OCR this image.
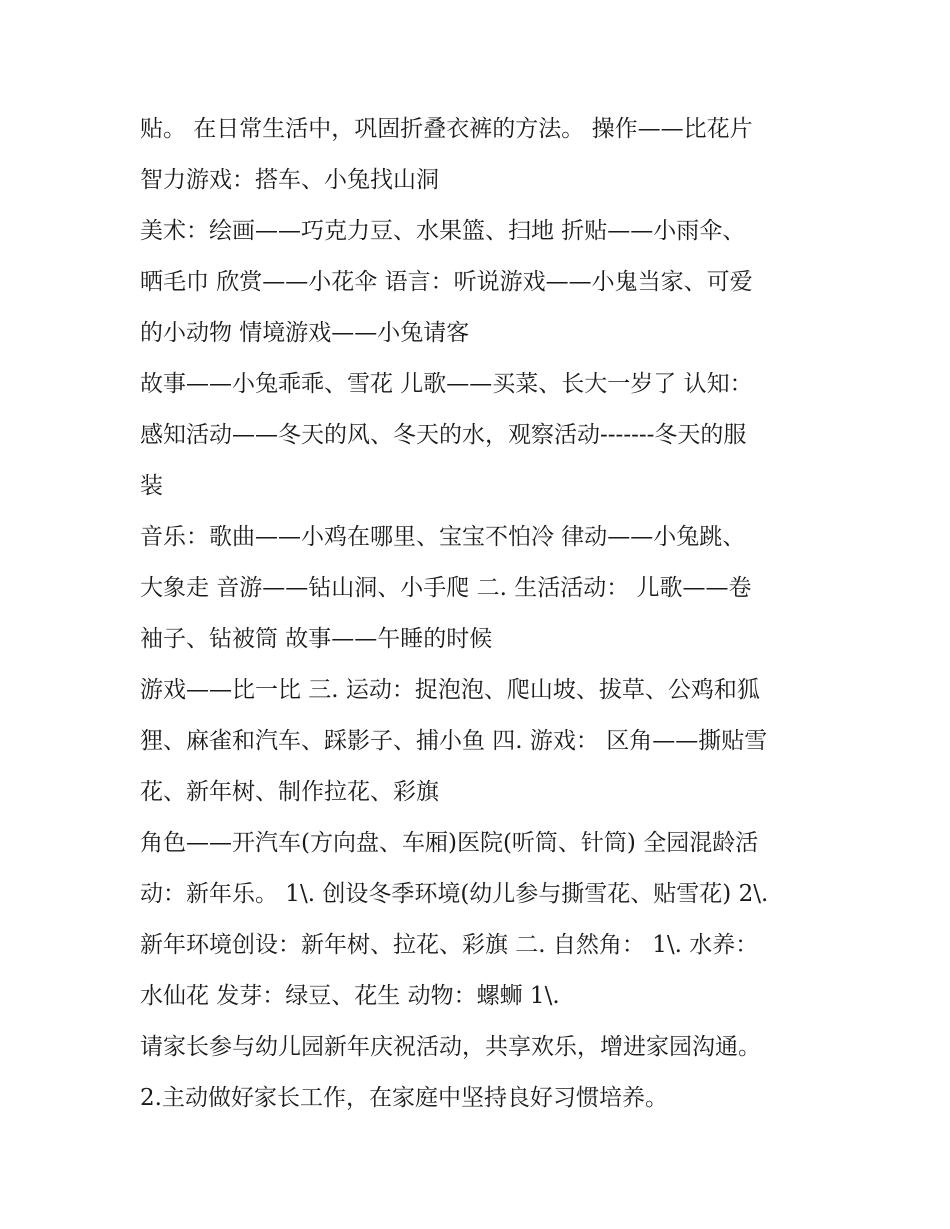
贴。 在日常生活中，巩固折叠衣裤的方法。 操作——比花片
智力游戏：搭车、小兔找山洞
美术：绘画——巧克力豆、水果篮、扫地 折贴——小雨伞、
晒毛巾 欣赏——小花伞 语言：听说游戏——小鬼当家、可爱
的小动物 情境游戏——小兔请客
故事——小兔乖乖、雪花 儿歌——买菜、长大一岁了 认知：
感知活动——冬天的风、冬天的水，观察活动-------冬天的服
装
音乐：歌曲——小鸡在哪里、宝宝不怕冷 律动——小兔跳、
大象走 音游——钻山洞、小手爬 二. 生活活动： 儿歌——卷
袖子、钻被筒 故事——午睡的时候
游戏——比一比 三. 运动：捉泡泡、爬山坡、拔草、公鸡和狐
狸、麻雀和汽车、踩影子、捕小鱼 四. 游戏： 区角——撕贴雪
花、新年树、制作拉花、彩旗
角色——开汽车(方向盘、车厢)医院(听筒、针筒) 全园混龄活
动：新年乐。 1\. 创设冬季环境(幼儿参与撕雪花、贴雪花) 2\.
新年环境创设：新年树、拉花、彩旗 二. 自然角： 1\. 水养：
水仙花 发芽：绿豆、花生 动物：螺蛳 1\.
请家长参与幼儿园新年庆祝活动，共享欢乐，增进家园沟通。
2.主动做好家长工作，在家庭中坚持良好习惯培养。
